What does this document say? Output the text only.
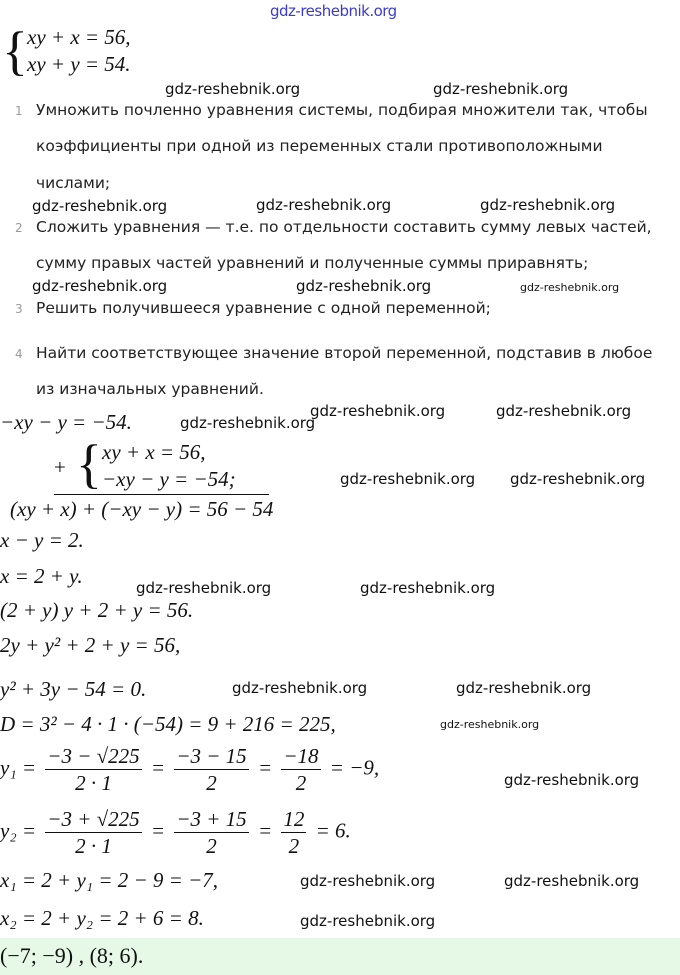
{ xy + x = 56,
xy + y = 54.
1 Умножить почленно уравнения системы, подбирая множители так, чтобы
коэффициенты при одной из переменных стали противоположными
числами;
2 Сложить уравнения — т.е. по отдельности составить сумму левых частей,
сумму правых частей уравнений и полученные суммы приравнять;
3 Решить получившееся уравнение с одной переменной;
4 Найти соответствующее значение второй переменной, подставив в любое
из изначальных уравнений.
−xy − y = −54.
+ { xy + x = 56,
−xy − y = −54;
(xy + x) + (−xy − y) = 56 − 54
x − y = 2.
x = 2 + y.
(2 + y) y + 2 + y = 56.
2y + y² + 2 + y = 56,
y² + 3y − 54 = 0.
D = 3² − 4 · 1 · (−54) = 9 + 216 = 225,
$y_1 = \frac{-3 - √225}{2 \cdot 1} = \frac{-3 - 15}{2} = \frac{-18}{2} = -9$,
$y_2 = \frac{-3 + √225}{2 \cdot 1} = \frac{-3 + 15}{2} = \frac{12}{2} = 6$.
x₁ = 2 + y₁ = 2 − 9 = −7,
x₂ = 2 + y₂ = 2 + 6 = 8.
(−7; −9) , (8; 6).
gdz-reshebnik.org
gdz-reshebnik.org	gdz-reshebnik.org
gdz-reshebnik.org	gdz-reshebnik.org	gdz-reshebnik.org
gdz-reshebnik.org	gdz-reshebnik.org	gdz-reshebnik.org
gdz-reshebnik.org	gdz-reshebnik.org
gdz-reshebnik.org
gdz-reshebnik.org gdz-reshebnik.org
gdz-reshebnik.org	gdz-reshebnik.org
gdz-reshebnik.org	gdz-reshebnik.org
gdz-reshebnik.org
gdz-reshebnik.org
gdz-reshebnik.org	gdz-reshebnik.org
gdz-reshebnik.org
